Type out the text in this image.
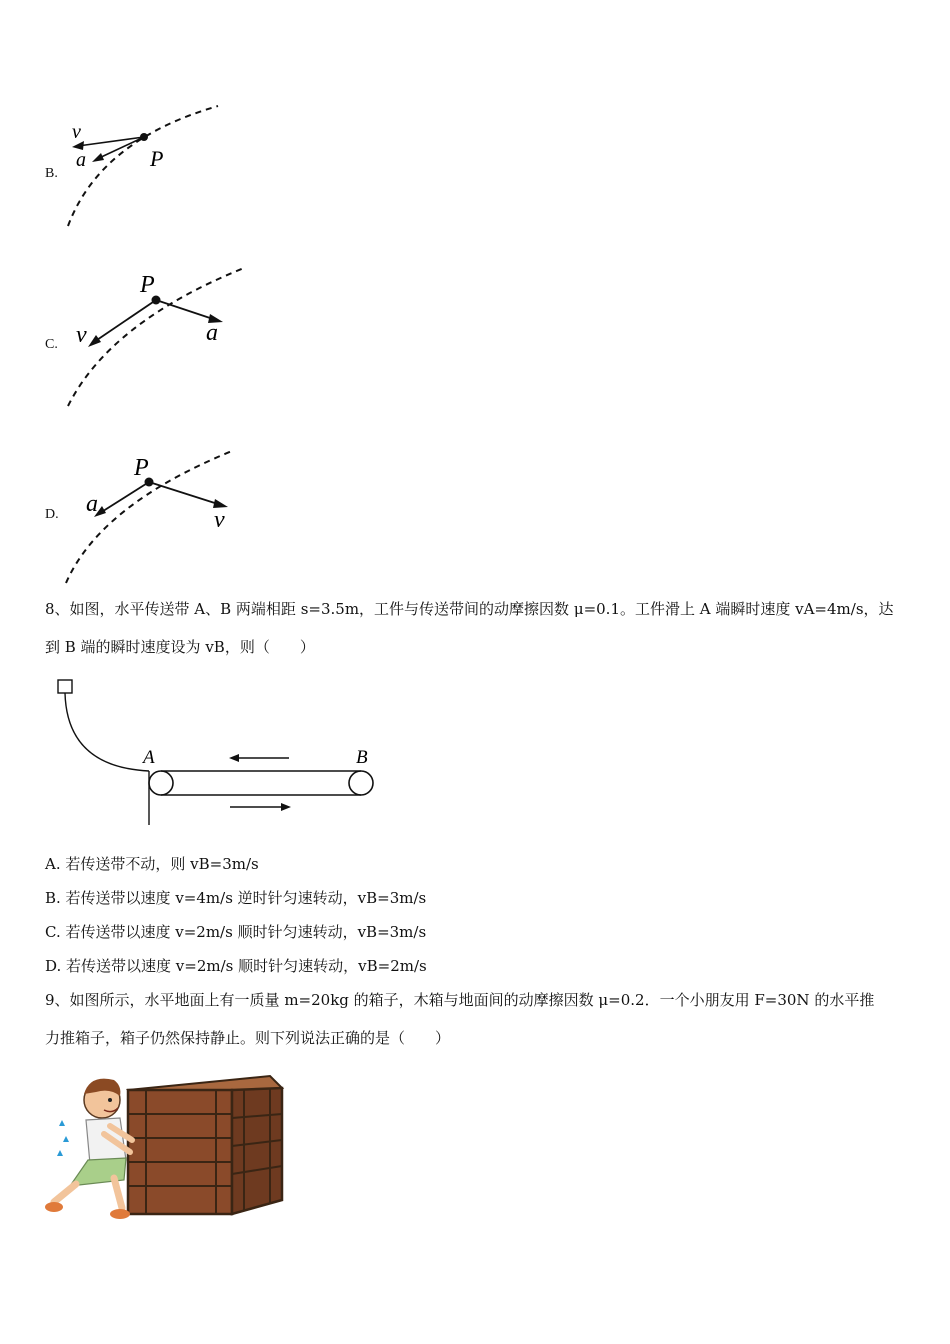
B.
v
a	P
C.
P
v	a
D.
P
a
v
8、如图，水平传送带 A、B 两端相距 s=3.5m，工件与传送带间的动摩擦因数 μ=0.1。工件滑上 A 端瞬时速度 vA=4m/s，达
到 B 端的瞬时速度设为 vB，则（　　）
A	B
A. 若传送带不动，则 vB=3m/s
B. 若传送带以速度 v=4m/s 逆时针匀速转动，vB=3m/s
C. 若传送带以速度 v=2m/s 顺时针匀速转动，vB=3m/s
D. 若传送带以速度 v=2m/s 顺时针匀速转动，vB=2m/s
9、如图所示，水平地面上有一质量 m=20kg 的箱子，木箱与地面间的动摩擦因数 μ=0.2．一个小朋友用 F=30N 的水平推
力推箱子，箱子仍然保持静止。则下列说法正确的是（　　）
